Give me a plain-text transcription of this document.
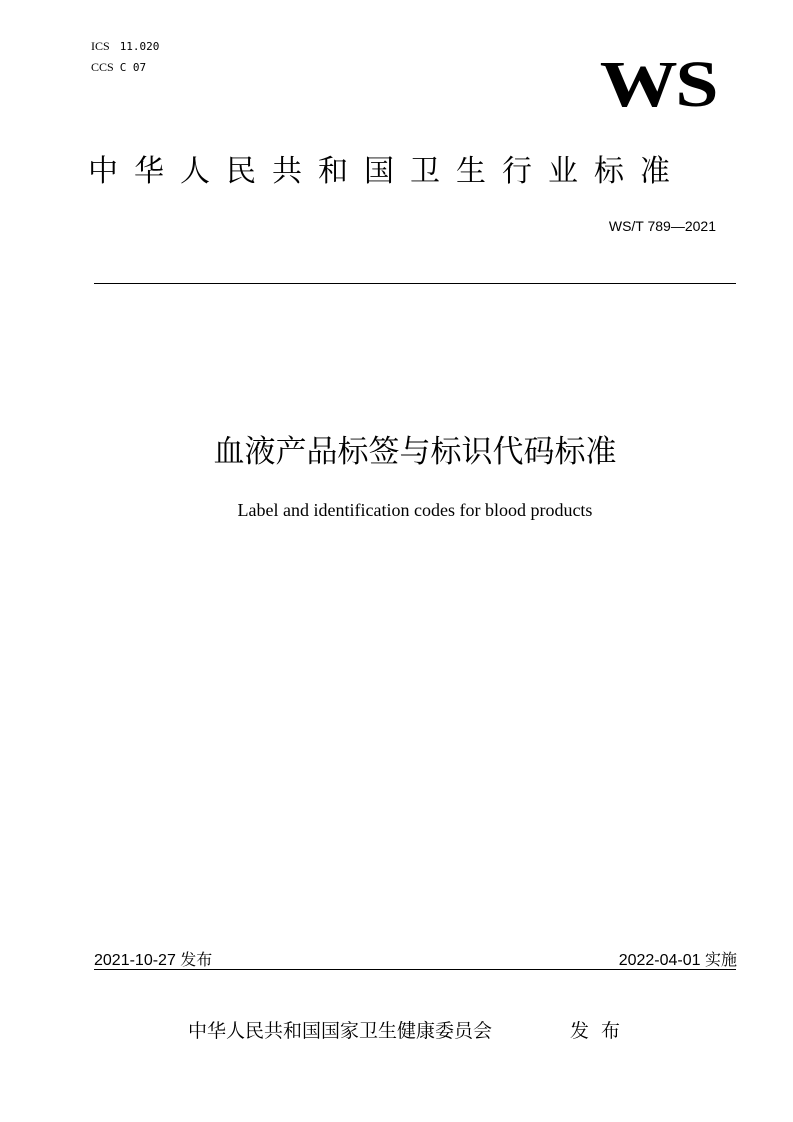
ICS 11.020
CCS C 07	WS
中华人民共和国卫生行业标准
WS/T 789—2021
血液产品标签与标识代码标准
Label and identification codes for blood products
2021-10-27 发布	2022-04-01 实施
中华人民共和国国家卫生健康委员会	发布
